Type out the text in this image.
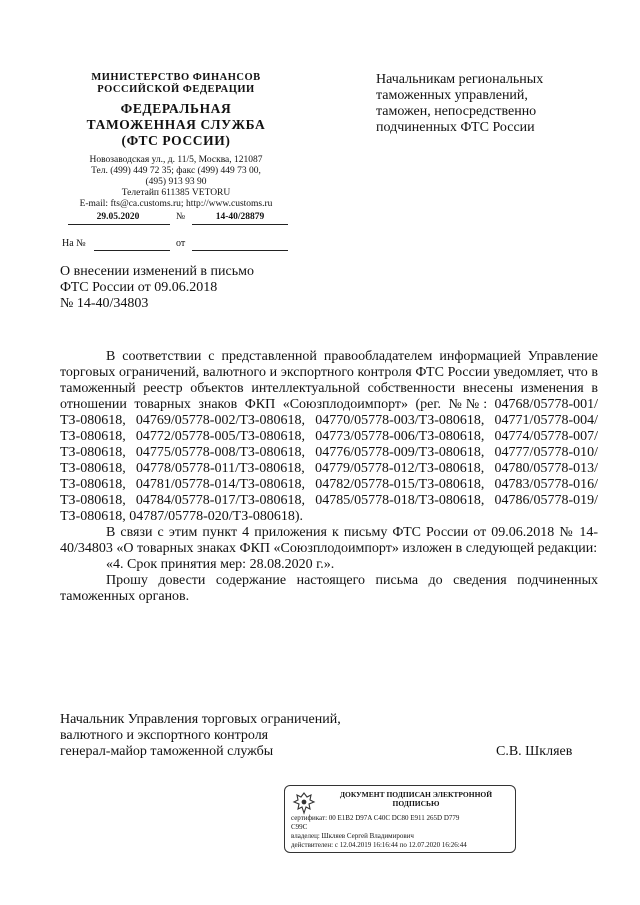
МИНИСТЕРСТВО ФИНАНСОВ
РОССИЙСКОЙ ФЕДЕРАЦИИ
ФЕДЕРАЛЬНАЯ
ТАМОЖЕННАЯ СЛУЖБА
(ФТС РОССИИ)
Новозаводская ул., д. 11/5, Москва, 121087
Тел. (499) 449 72 35; факс (499) 449 73 00,
(495) 913 93 90
Телетайп 611385 VETORU
E-mail: fts@ca.customs.ru; http://www.customs.ru
29.05.2020	№	14-40/28879
На №	от
Начальникам региональных
таможенных управлений,
таможен, непосредственно
подчиненных ФТС России
О внесении изменений в письмо
ФТС России от 09.06.2018
№ 14-40/34803

В соответствии с представленной правообладателем информацией Управление торговых ограничений, валютного и экспортного контроля ФТС России уведомляет, что в таможенный реестр объектов интеллектуальной собственности внесены изменения в отношении товарных знаков ФКП «Союзплодоимпорт» (рег. №№: 04768/05778-001/ТЗ-080618, 04769/05778-002/ТЗ-080618, 04770/05778-003/ТЗ-080618, 04771/05778-004/ТЗ-080618, 04772/05778-005/ТЗ-080618, 04773/05778-006/ТЗ-080618, 04774/05778-007/ТЗ-080618, 04775/05778-008/ТЗ-080618, 04776/05778-009/ТЗ-080618, 04777/05778-010/ТЗ-080618, 04778/05778-011/ТЗ-080618, 04779/05778-012/ТЗ-080618, 04780/05778-013/ТЗ-080618, 04781/05778-014/ТЗ-080618, 04782/05778-015/ТЗ-080618, 04783/05778-016/ТЗ-080618, 04784/05778-017/ТЗ-080618, 04785/05778-018/ТЗ-080618, 04786/05778-019/ТЗ-080618, 04787/05778-020/ТЗ-080618).

В связи с этим пункт 4 приложения к письму ФТС России от 09.06.2018 № 14-40/34803 «О товарных знаках ФКП «Союзплодоимпорт» изложен в следующей редакции:

«4. Срок принятия мер: 28.08.2020 г.».

Прошу довести содержание настоящего письма до сведения подчиненных таможенных органов.

Начальник Управления торговых ограничений,
валютного и экспортного контроля
генерал-майор таможенной службы	С.В. Шкляев
ДОКУМЕНТ ПОДПИСАН ЭЛЕКТРОННОЙ
ПОДПИСЬЮ
сертификат: 00 E1B2 D97A C40C DC80 E911 265D D779
C99C
владелец: Шкляев Сергей Владимирович
действителен: с 12.04.2019 16:16:44 по 12.07.2020 16:26:44
